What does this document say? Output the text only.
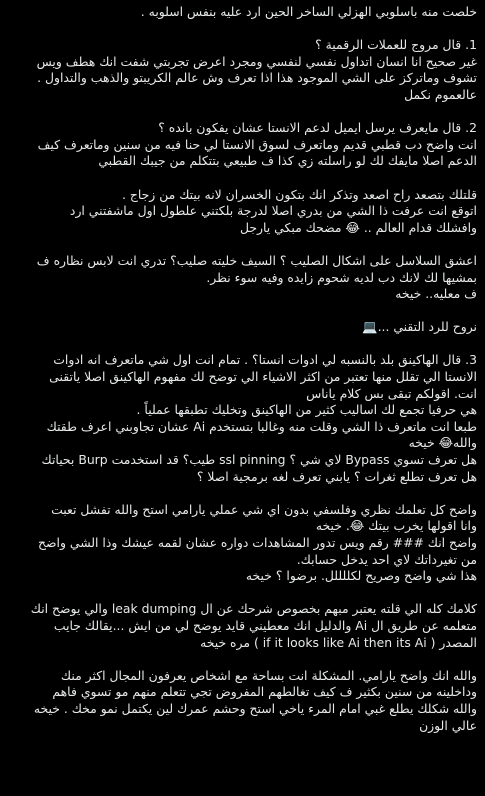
خلصت منه باسلوبي الهزلي الساخر الحين ارد عليه بنفس اسلوبه .
1. قال مروج للعملات الرقمية ؟
غير صحيح انا انسان اتداول نفسي لنفسي ومجرد اعرض تجربتي شفت انك هطف ويس
تشوف وماتركز على الشي الموجود هذا اذا تعرف وش عالم الكريبتو والذهب والتداول .
عالعموم نكمل
2. قال مايعرف يرسل ايميل لدعم الانستا عشان يفكون بانده ؟
انت واضح دب قطبي قديم وماتعرف لسوق الانستا لي حنا فيه من سنين وماتعرف كيف
الدعم اصلا مايفك لك لو راسلته زي كذا ف طبيعي بتتكلم من جيبك القطبي
قلتلك بتصعد راح اصعد وتذكر انك بتكون الخسران لانه بيتك من زجاج .
اتوقع انت عرفت ذا الشي من بدري اصلا لدرجة بلكتني علطول اول ماشفتني ارد
وافشلك قدام العالم .. 😂 مضحك مبكي يارجل
اعشق السلاسل على اشكال الصليب ؟ السيف خليته صليب؟ تدري انت لابس نظاره ف
بمشيها لك لانك دب لديه شحوم زايده وفيه سوء نظر.
ف معليه.. خيخه
نروح للرد التقني ...💻
3. قال الهاكينق بلد بالنسبه لي ادوات انستا؟ . تمام انت اول شي ماتعرف انه ادوات
الانستا الي تقلل منها تعتبر من اكثر الاشياء الي توضح لك مفهوم الهاكينق اصلا ياتقنى
انت. اقولكم تبقى بس كلام ياناس
هي حرفيا تجمع لك اساليب كثير من الهاكينق وتخليك تطبقها عملياً .
طبعا انت ماتعرف ذا الشي وقلت منه وغالبا بتستخدم Ai عشان تجاوبني اعرف طقتك
والله😂 خيخه
هل تعرف تسوي Bypass لاي شي ؟ ssl pinning طيب؟ قد استخدمت Burp بحياتك
هل تعرف تطلع ثغرات ؟ يابني تعرف لغه برمجية اصلا ؟
واضح كل تعلمك نظري وفلسفي بدون اي شي عملي يارامي استح والله تفشل تعبت
وانا اقولها يخرب بيتك 😂. خيخه
واضح انك ### رقم ويس تدور المشاهدات دواره عشان لقمه عيشك وذا الشي واضح
من تغيرداتك لاي احد يدخل حسابك.
هذا شي واضح وصريح لكللللل. برضوا ؟ خيخه
كلامك كله الي قلته يعتبر مبهم بخصوص شرحك عن ال leak dumping والي يوضح انك
متعلمه عن طريق ال Ai والدليل انك معطيني قايد يوضح لي من ايش ...يقالك جايب
المصدر ( if it looks like Ai then its Ai ) مره خيخه
والله انك واضح يارامي. المشكلة انت بساحة مع اشخاص يعرفون المجال اكثر منك
وداخلينه من سنين بكثير ف كيف تغالطهم المفروض تجي تتعلم منهم مو تسوي فاهم
والله شكلك يطلع غبي امام المرء ياخي استح وحشم عمرك لين يكتمل نمو مخك . خيخه
عالي الوزن
